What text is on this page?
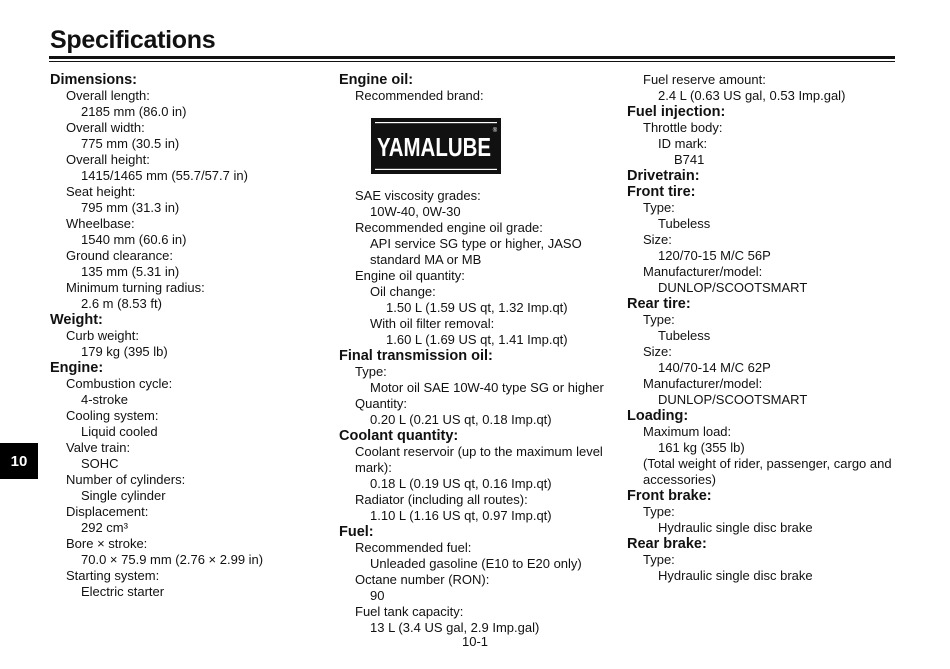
Specifications
Dimensions:
Overall length:
2185 mm (86.0 in)
Overall width:
775 mm (30.5 in)
Overall height:
1415/1465 mm (55.7/57.7 in)
Seat height:
795 mm (31.3 in)
Wheelbase:
1540 mm (60.6 in)
Ground clearance:
135 mm (5.31 in)
Minimum turning radius:
2.6 m (8.53 ft)
Weight:
Curb weight:
179 kg (395 lb)
Engine:
Combustion cycle:
4-stroke
Cooling system:
Liquid cooled
Valve train:
SOHC
Number of cylinders:
Single cylinder
Displacement:
292 cm³
Bore × stroke:
70.0 × 75.9 mm (2.76 × 2.99 in)
Starting system:
Electric starter
Engine oil:
Recommended brand:
YAMALUBE
®
SAE viscosity grades:
10W-40, 0W-30
Recommended engine oil grade:
API service SG type or higher, JASO
standard MA or MB
Engine oil quantity:
Oil change:
1.50 L (1.59 US qt, 1.32 Imp.qt)
With oil filter removal:
1.60 L (1.69 US qt, 1.41 Imp.qt)
Final transmission oil:
Type:
Motor oil SAE 10W-40 type SG or higher
Quantity:
0.20 L (0.21 US qt, 0.18 Imp.qt)
Coolant quantity:
Coolant reservoir (up to the maximum level
mark):
0.18 L (0.19 US qt, 0.16 Imp.qt)
Radiator (including all routes):
1.10 L (1.16 US qt, 0.97 Imp.qt)
Fuel:
Recommended fuel:
Unleaded gasoline (E10 to E20 only)
Octane number (RON):
90
Fuel tank capacity:
13 L (3.4 US gal, 2.9 Imp.gal)
Fuel reserve amount:
2.4 L (0.63 US gal, 0.53 Imp.gal)
Fuel injection:
Throttle body:
ID mark:
B741
Drivetrain:
Front tire:
Type:
Tubeless
Size:
120/70-15 M/C 56P
Manufacturer/model:
DUNLOP/SCOOTSMART
Rear tire:
Type:
Tubeless
Size:
140/70-14 M/C 62P
Manufacturer/model:
DUNLOP/SCOOTSMART
Loading:
Maximum load:
161 kg (355 lb)
(Total weight of rider, passenger, cargo and
accessories)
Front brake:
Type:
Hydraulic single disc brake
Rear brake:
Type:
Hydraulic single disc brake
10
10-1
